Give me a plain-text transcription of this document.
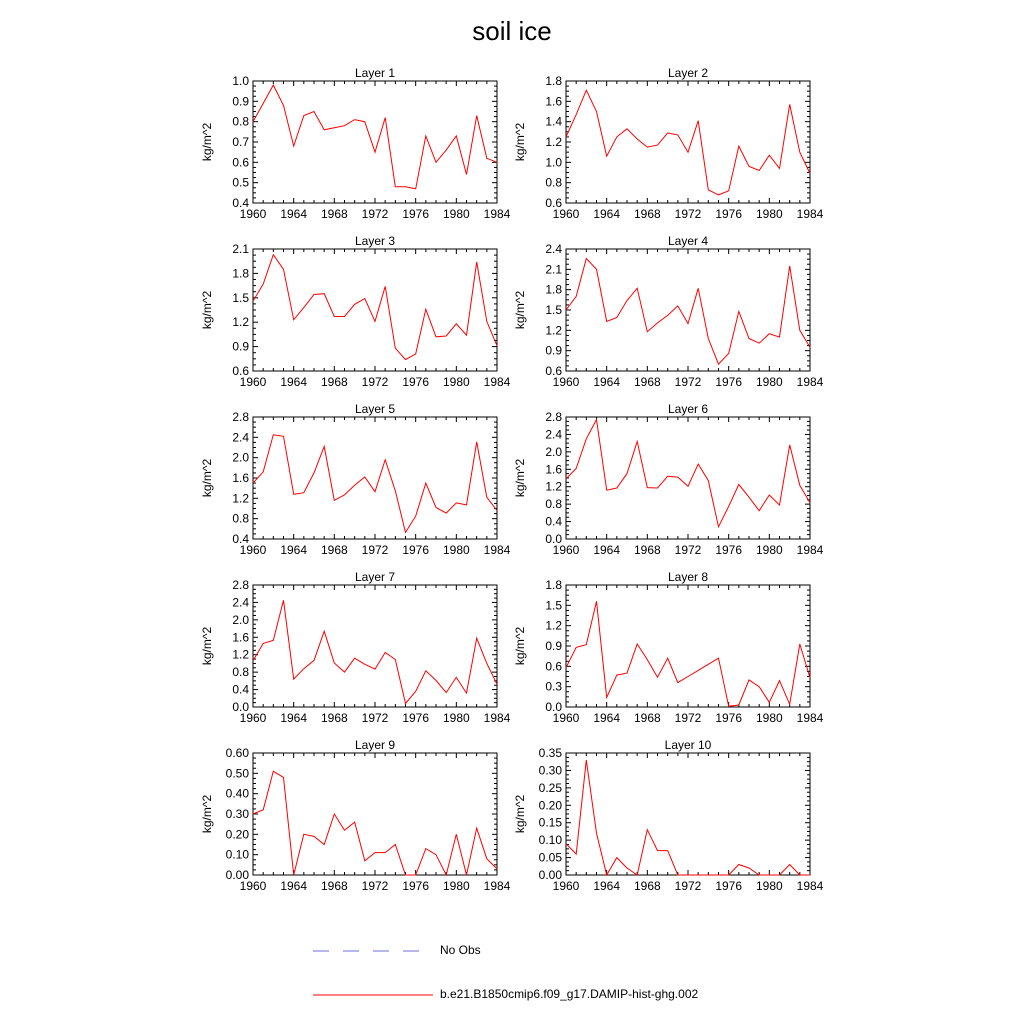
soil ice
Layer 1
kg/m^2
1960 1964 1968 1972 1976 1980 1984
0.4
0.5
0.6
0.7
0.8
0.9
1.0
Layer 2
kg/m^2
1960 1964 1968 1972 1976 1980 1984
0.6
0.8
1.0
1.2
1.4
1.6
1.8
Layer 3
kg/m^2
1960 1964 1968 1972 1976 1980 1984
0.6
0.9
1.2
1.5
1.8
2.1
Layer 4
kg/m^2
1960 1964 1968 1972 1976 1980 1984
0.6
0.9
1.2
1.5
1.8
2.1
2.4
Layer 5
kg/m^2
1960 1964 1968 1972 1976 1980 1984
0.4
0.8
1.2
1.6
2.0
2.4
2.8
Layer 6
kg/m^2
1960 1964 1968 1972 1976 1980 1984
0.0
0.4
0.8
1.2
1.6
2.0
2.4
2.8
Layer 7
kg/m^2
1960 1964 1968 1972 1976 1980 1984
0.0
0.4
0.8
1.2
1.6
2.0
2.4
2.8
Layer 8
kg/m^2
1960 1964 1968 1972 1976 1980 1984
0.0
0.3
0.6
0.9
1.2
1.5
1.8
Layer 9
kg/m^2
1960 1964 1968 1972 1976 1980 1984
0.00
0.10
0.20
0.30
0.40
0.50
0.60
Layer 10
kg/m^2
1960 1964 1968 1972 1976 1980 1984
0.00
0.05
0.10
0.15
0.20
0.25
0.30
0.35
No Obs
b.e21.B1850cmip6.f09_g17.DAMIP-hist-ghg.002
